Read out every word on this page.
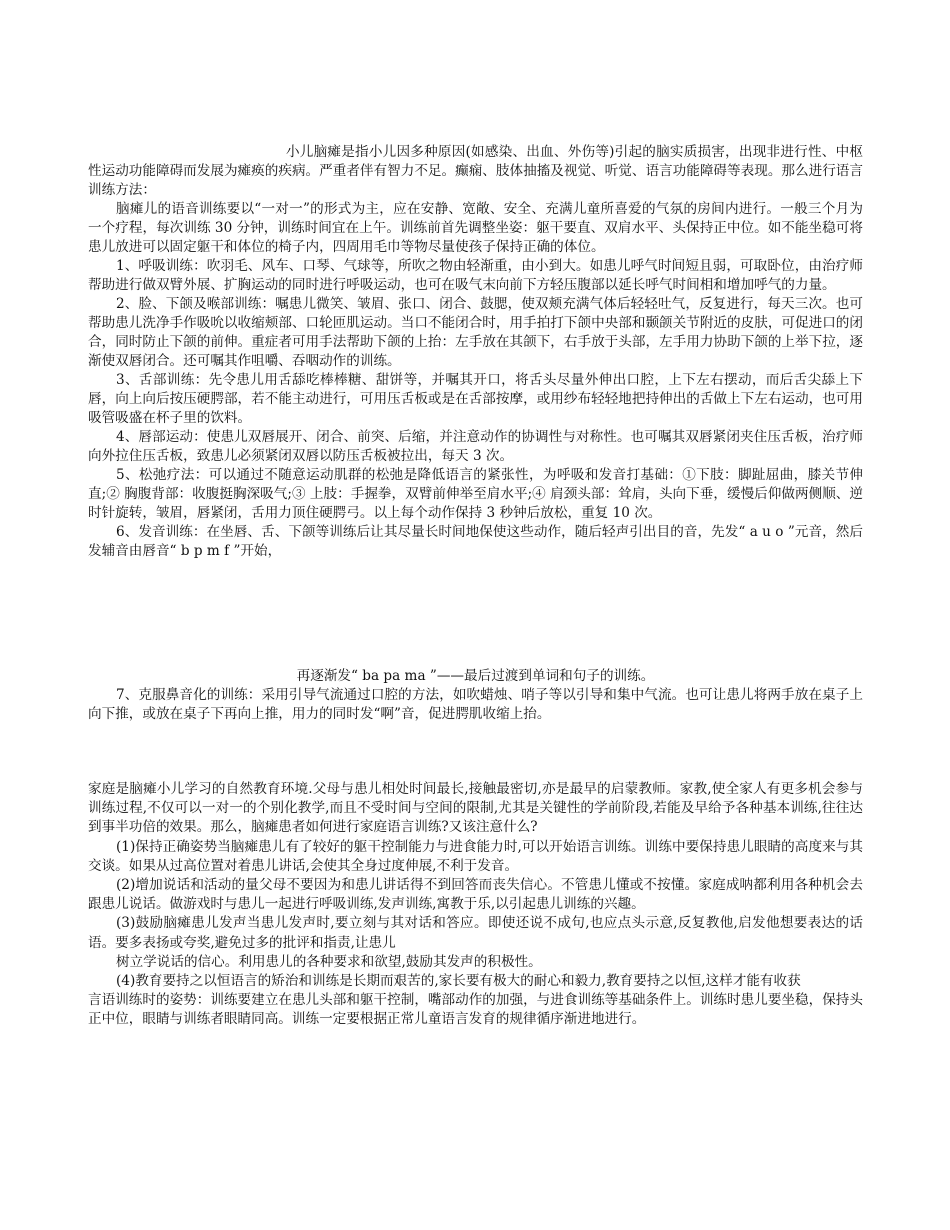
小儿脑瘫是指小儿因多种原因(如感染、出血、外伤等)引起的脑实质损害，出现非进行性、中枢性运动功能障碍而发展为瘫痪的疾病。严重者伴有智力不足。癫痫、肢体抽搐及视觉、听觉、语言功能障碍等表现。那么进行语言训练方法：

脑瘫儿的语音训练要以“一对一”的形式为主，应在安静、宽敞、安全、充满儿童所喜爱的气氛的房间内进行。一般三个月为一个疗程，每次训练 30 分钟，训练时间宜在上午。训练前首先调整坐姿：躯干要直、双肩水平、头保持正中位。如不能坐稳可将患儿放进可以固定躯干和体位的椅子内，四周用毛巾等物尽量使孩子保持正确的体位。

1、呼吸训练：吹羽毛、风车、口琴、气球等，所吹之物由轻渐重，由小到大。如患儿呼气时间短且弱，可取卧位，由治疗师帮助进行做双臂外展、扩胸运动的同时进行呼吸运动，也可在吸气末向前下方轻压腹部以延长呼气时间相和增加呼气的力量。

2、脸、下颌及喉部训练：嘱患儿微笑、皱眉、张口、闭合、鼓腮，使双颊充满气体后轻轻吐气，反复进行，每天三次。也可帮助患儿洗净手作吸吮以收缩颊部、口轮匝肌运动。当口不能闭合时，用手拍打下颌中央部和颞颌关节附近的皮肤，可促进口的闭合，同时防止下颌的前伸。重症者可用手法帮助下颌的上抬：左手放在其颌下，右手放于头部，左手用力协助下颌的上举下拉，逐渐使双唇闭合。还可嘱其作咀嚼、吞咽动作的训练。

3、舌部训练：先令患儿用舌舔吃棒棒糖、甜饼等，并嘱其开口，将舌头尽量外伸出口腔，上下左右摆动，而后舌尖舔上下唇，向上向后按压硬腭部，若不能主动进行，可用压舌板或是在舌部按摩，或用纱布轻轻地把持伸出的舌做上下左右运动，也可用吸管吸盛在杯子里的饮料。

4、唇部运动：使患儿双唇展开、闭合、前突、后缩，并注意动作的协调性与对称性。也可嘱其双唇紧闭夹住压舌板，治疗师向外拉住压舌板，致患儿必须紧闭双唇以防压舌板被拉出，每天 3 次。

5、松弛疗法：可以通过不随意运动肌群的松弛是降低语言的紧张性，为呼吸和发音打基础：①下肢：脚趾屈曲，膝关节伸直;② 胸腹背部：收腹挺胸深吸气;③ 上肢：手握拳，双臂前伸举至肩水平;④ 肩颈头部：耸肩，头向下垂，缓慢后仰做两侧顺、逆时针旋转，皱眉，唇紧闭，舌用力顶住硬腭弓。以上每个动作保持 3 秒钟后放松，重复 10 次。

6、发音训练：在坐唇、舌、下颌等训练后让其尽量长时间地保使这些动作，随后轻声引出目的音，先发“ a u o ”元音，然后发辅音由唇音“ b p m f ”开始，

再逐渐发“ ba pa ma ”——最后过渡到单词和句子的训练。

7、克服鼻音化的训练：采用引导气流通过口腔的方法，如吹蜡烛、哨子等以引导和集中气流。也可让患儿将两手放在桌子上向下推，或放在桌子下再向上推，用力的同时发“啊”音，促进腭肌收缩上抬。

家庭是脑瘫小儿学习的自然教育环境.父母与患儿相处时间最长,接触最密切,亦是最早的启蒙教师。家教,使全家人有更多机会参与训练过程,不仅可以一对一的个别化教学,而且不受时间与空间的限制,尤其是关键性的学前阶段,若能及早给予各种基本训练,往往达到事半功倍的效果。那么，脑瘫患者如何进行家庭语言训练?又该注意什么?

(1)保持正确姿势当脑瘫患儿有了较好的躯干控制能力与进食能力时,可以开始语言训练。训练中要保持患儿眼睛的高度来与其交谈。如果从过高位置对着患儿讲话,会使其全身过度伸展,不利于发音。

(2)增加说话和活动的量父母不要因为和患儿讲话得不到回答而丧失信心。不管患儿懂或不按懂。家庭成呐都利用各种机会去跟患儿说话。做游戏时与患儿一起进行呼吸训练,发声训练,寓教于乐,以引起患儿训练的兴趣。

(3)鼓励脑瘫患儿发声当患儿发声时,要立刻与其对话和答应。即使还说不成句,也应点头示意,反复教他,启发他想要表达的话语。要多表扬或夸奖,避免过多的批评和指责,让患儿

树立学说话的信心。利用患儿的各种要求和欲望,鼓励其发声的积极性。

(4)教育要持之以恒语言的矫治和训练是长期而艰苦的,家长要有极大的耐心和毅力,教育要持之以恒,这样才能有收获

言语训练时的姿势：训练要建立在患儿头部和躯干控制，嘴部动作的加强，与进食训练等基础条件上。训练时患儿要坐稳，保持头正中位，眼睛与训练者眼睛同高。训练一定要根据正常儿童语言发育的规律循序渐进地进行。
